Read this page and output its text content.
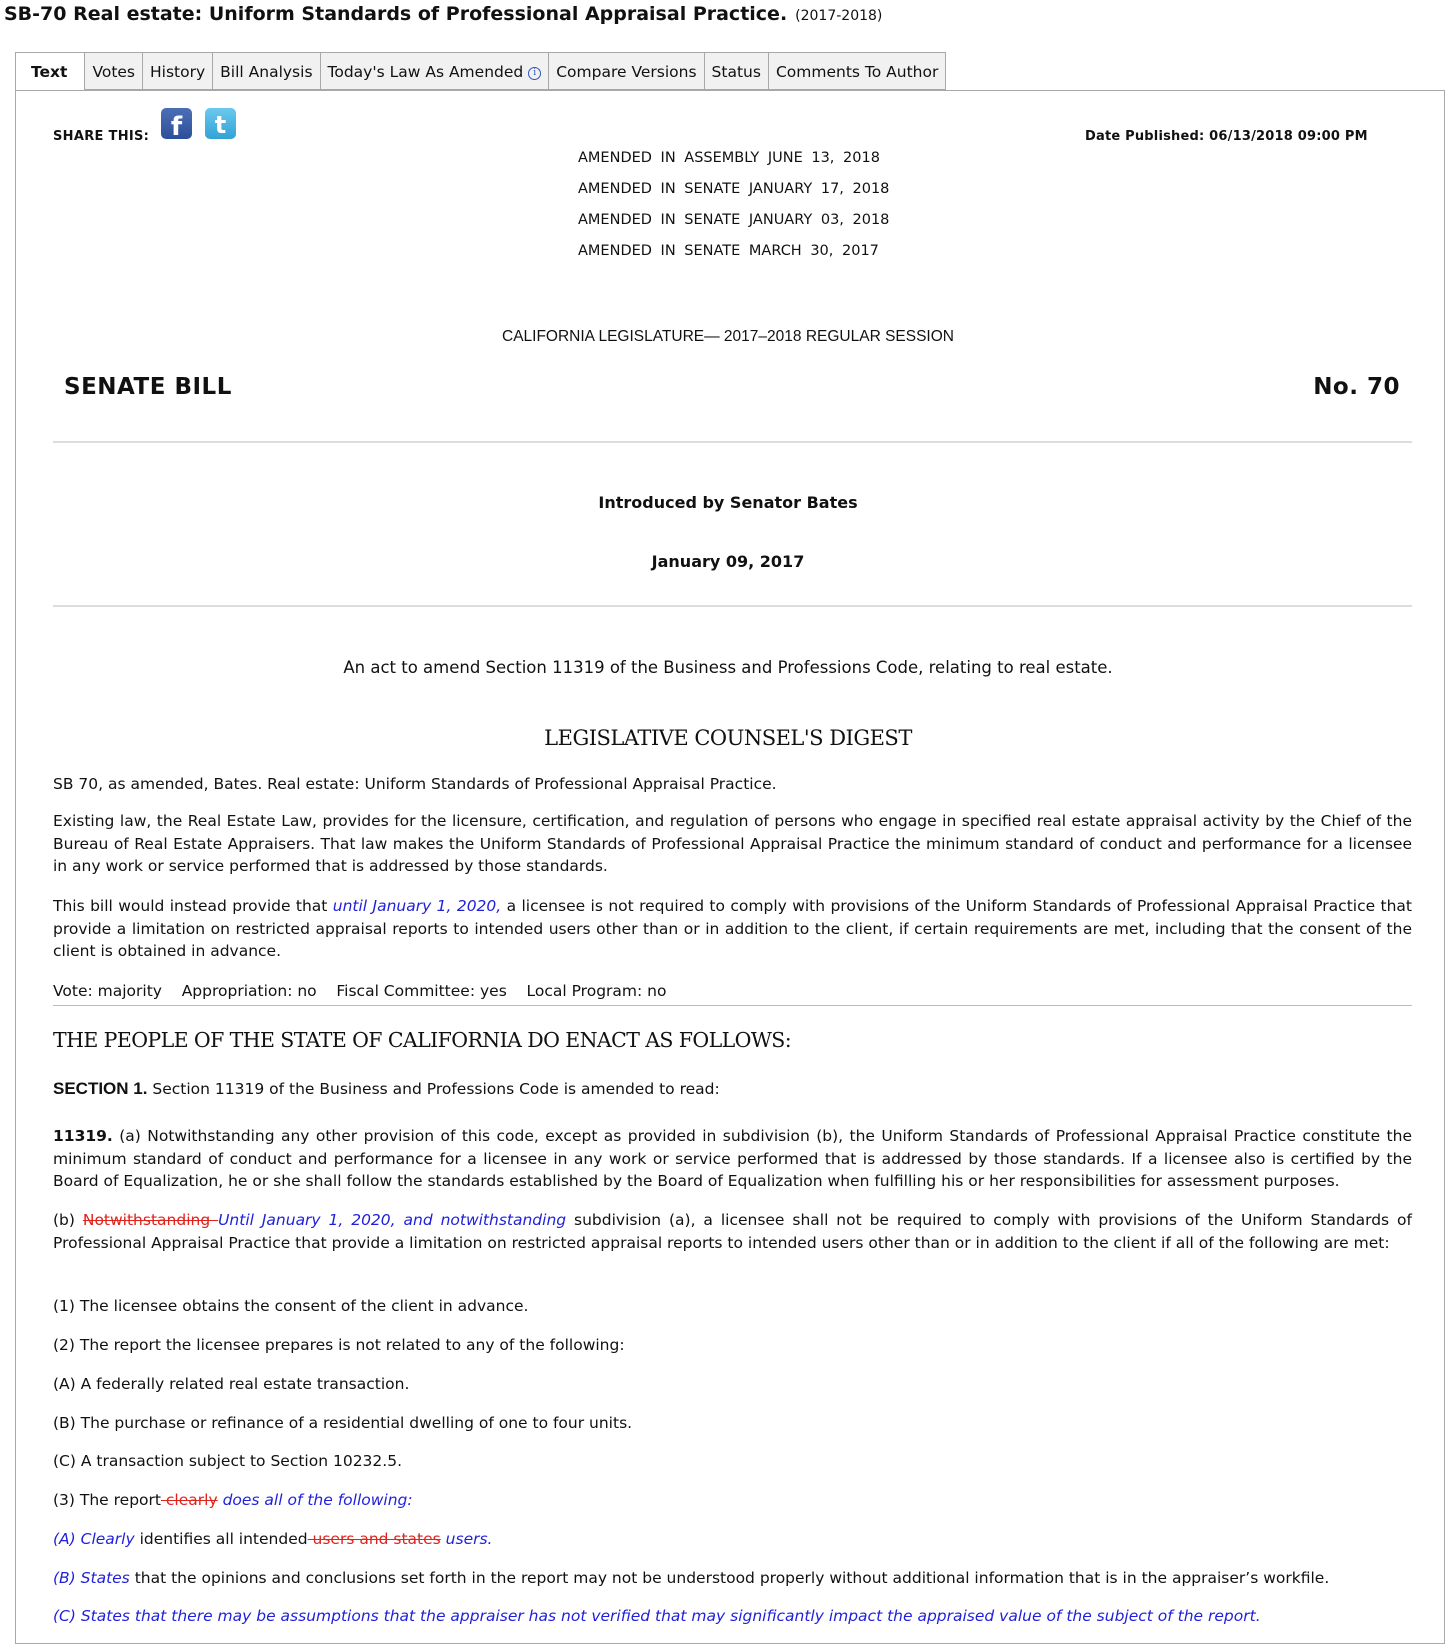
SB-70 Real estate: Uniform Standards of Professional Appraisal Practice. (2017-2018)
Text	Votes History Bill Analysis Today's Law As Amended i	Compare Versions Status Comments To Author
SHARE THIS: f	t	Date Published: 06/13/2018 09:00 PM
AMENDED IN ASSEMBLY JUNE 13, 2018
AMENDED IN SENATE JANUARY 17, 2018
AMENDED IN SENATE JANUARY 03, 2018
AMENDED IN SENATE MARCH 30, 2017
CALIFORNIA LEGISLATURE— 2017–2018 REGULAR SESSION
SENATE BILL	No. 70
Introduced by Senator Bates
January 09, 2017
An act to amend Section 11319 of the Business and Professions Code, relating to real estate.
LEGISLATIVE COUNSEL'S DIGEST
SB 70, as amended, Bates. Real estate: Uniform Standards of Professional Appraisal Practice.
Existing law, the Real Estate Law, provides for the licensure, certification, and regulation of persons who engage in specified real estate appraisal activity by the Chief of the Bureau of Real Estate Appraisers. That law makes the Uniform Standards of Professional Appraisal Practice the minimum standard of conduct and performance for a licensee in any work or service performed that is addressed by those standards.
This bill would instead provide that until January 1, 2020, a licensee is not required to comply with provisions of the Uniform Standards of Professional Appraisal Practice that provide a limitation on restricted appraisal reports to intended users other than or in addition to the client, if certain requirements are met, including that the consent of the client is obtained in advance.
Vote: majority Appropriation: no Fiscal Committee: yes Local Program: no
THE PEOPLE OF THE STATE OF CALIFORNIA DO ENACT AS FOLLOWS:
SECTION 1. Section 11319 of the Business and Professions Code is amended to read:
11319. (a) Notwithstanding any other provision of this code, except as provided in subdivision (b), the Uniform Standards of Professional Appraisal Practice constitute the minimum standard of conduct and performance for a licensee in any work or service performed that is addressed by those standards. If a licensee also is certified by the Board of Equalization, he or she shall follow the standards established by the Board of Equalization when fulfilling his or her responsibilities for assessment purposes.
(b) Notwithstanding Until January 1, 2020, and notwithstanding subdivision (a), a licensee shall not be required to comply with provisions of the Uniform Standards of Professional Appraisal Practice that provide a limitation on restricted appraisal reports to intended users other than or in addition to the client if all of the following are met:
(1) The licensee obtains the consent of the client in advance.
(2) The report the licensee prepares is not related to any of the following:
(A) A federally related real estate transaction.
(B) The purchase or refinance of a residential dwelling of one to four units.
(C) A transaction subject to Section 10232.5.
(3) The report clearly does all of the following:
(A) Clearly identifies all intended users and states users.
(B) States that the opinions and conclusions set forth in the report may not be understood properly without additional information that is in the appraiser’s workfile.
(C) States that there may be assumptions that the appraiser has not verified that may significantly impact the appraised value of the subject of the report.
